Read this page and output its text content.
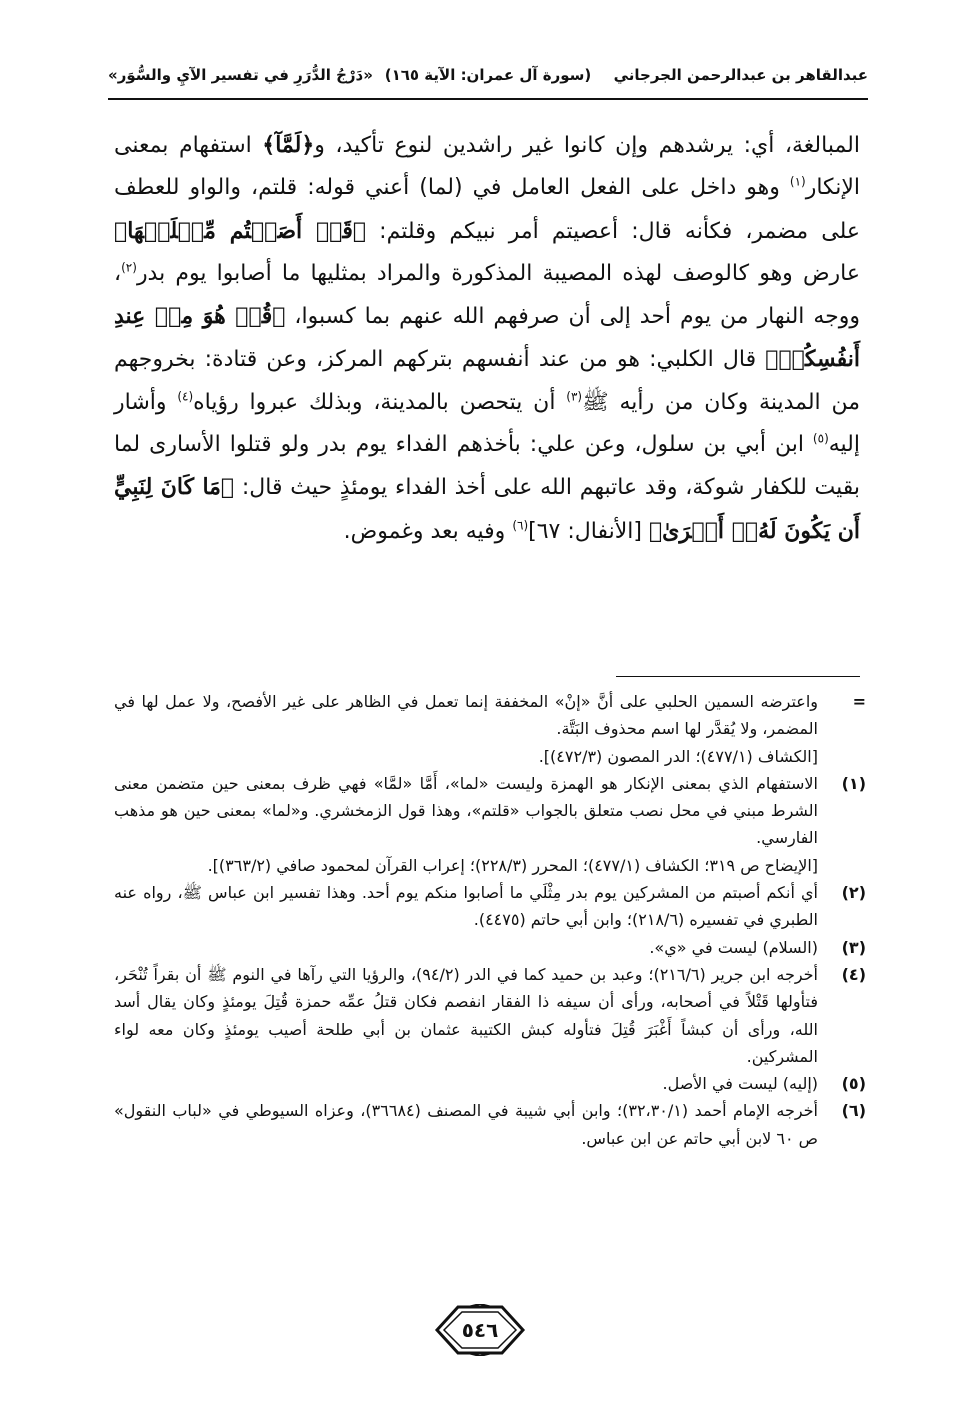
عبدالقاهر بن عبدالرحمن الجرجاني
(سورة آل عمران: الآية ١٦٥)
«دَرْجُ الدُّرَرِ في تفسير الآيِ والسُّوَر»

المبالغة، أي: يرشدهم وإن كانوا غير راشدين لنوع تأكيد، و﴿لَمَّآ﴾ استفهام بمعنى الإنكار$^{(١)}$ وهو داخل على الفعل العامل في (لما) أعني قوله: قلتم، والواو للعطف على مضمر، فكأنه قال: أعصيتم أمر نبيكم وقلتم: ﴿قَدۡ أَصَبۡتُم مِّثۡلَيۡهَا﴾ عارض وهو كالوصف لهذه المصيبة المذكورة والمراد بمثليها ما أصابوا يوم بدر$^{(٢)}$، ووجه النهار من يوم أحد إلى أن صرفهم الله عنهم بما كسبوا، ﴿قُلۡ هُوَ مِنۡ عِندِ أَنفُسِكُمۡ﴾ قال الكلبي: هو من عند أنفسهم بتركهم المركز، وعن قتادة: بخروجهم من المدينة وكان من رأيه ﷺ$^{(٣)}$ أن يتحصن بالمدينة، وبذلك عبروا رؤياه$^{(٤)}$ وأشار إليه$^{(٥)}$ ابن أبي بن سلول، وعن علي: بأخذهم الفداء يوم بدر ولو قتلوا الأسارى لما بقيت للكفار شوكة، وقد عاتبهم الله على أخذ الفداء يومئذٍ حيث قال: ﴿مَا كَانَ لِنَبِيٍّ أَن يَكُونَ لَهُۥٓ أَسۡرَىٰ﴾ [الأنفال: ٦٧]$^{(٦)}$ وفيه بعد وغموض.

=

واعترضه السمين الحلبي على أنَّ «إنْ» المخففة إنما تعمل في الظاهر على غير الأفصح، ولا عمل لها في المضمر، ولا يُقدَّر لها اسم محذوف البَتَّة.

[الكشاف (٤٧٧/١)؛ الدر المصون (٤٧٢/٣)].

(١)

الاستفهام الذي بمعنى الإنكار هو الهمزة وليست «لما»، أَمَّا «لمَّا» فهي ظرف بمعنى حين متضمن معنى الشرط مبني في محل نصب متعلق بالجواب «قلتم»، وهذا قول الزمخشري. و«لما» بمعنى حين هو مذهب الفارسي.

[الإيضاح ص ٣١٩؛ الكشاف (٤٧٧/١)؛ المحرر (٢٢٨/٣)؛ إعراب القرآن لمحمود صافي (٣٦٣/٢)].

(٢)

أي أنكم أصبتم من المشركين يوم بدر مِثْلَي ما أصابوا منكم يوم أحد. وهذا تفسير ابن عباس ﷺ، رواه عنه الطبري في تفسيره (٢١٨/٦)؛ وابن أبي حاتم (٤٤٧٥).

(٣)

(السلام) ليست في «ي».

(٤)

أخرجه ابن جرير (٢١٦/٦)؛ وعبد بن حميد كما في الدر (٩٤/٢)، والرؤيا التي رآها في النوم ﷺ أن بقراً تُنْحَر، فتأولها قَتْلاً في أصحابه، ورأى أن سيفه ذا الفقار انفصم فكان قتلُ عمِّه حمزة قُتِلَ يومئذٍ وكان يقال أسد الله، ورأى أن كبشاً أَغْبَرَ قُتِلَ فتأوله كبش الكتيبة عثمان بن أبي طلحة أصيب يومئذٍ وكان معه لواء المشركين.

(٥)

(إليه) ليست في الأصل.

(٦)

أخرجه الإمام أحمد (٣٢،٣٠/١)؛ وابن أبي شيبة في المصنف (٣٦٦٨٤)، وعزاه السيوطي في «لباب النقول» ص ٦٠ لابن أبي حاتم عن ابن عباس.

٥٤٦
